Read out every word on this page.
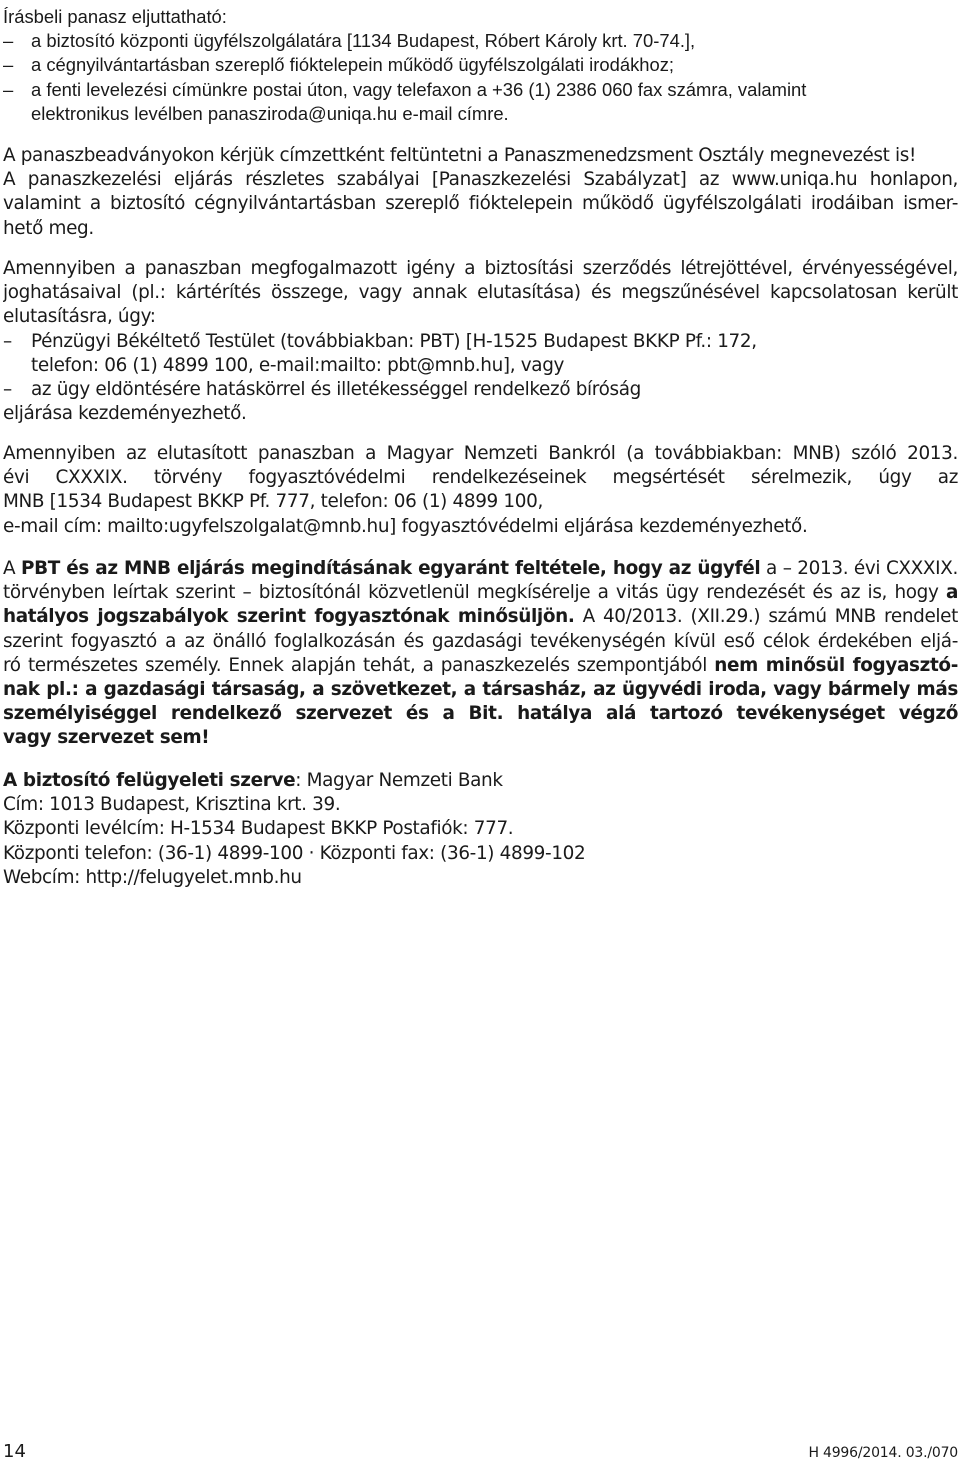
Írásbeli panasz eljuttatható:
– a biztosító központi ügyfélszolgálatára [1134 Budapest, Róbert Károly krt. 70-74.],
– a cégnyilvántartásban szereplő fióktelepein működő ügyfélszolgálati irodákhoz;
– a fenti levelezési címünkre postai úton, vagy telefaxon a +36 (1) 2386 060 fax számra, valamint
elektronikus levélben panasziroda@uniqa.hu e-mail címre.
A panaszbeadványokon kérjük címzettként feltüntetni a Panaszmenedzsment Osztály megnevezést is!
A panaszkezelési eljárás részletes szabályai [Panaszkezelési Szabályzat] az www.uniqa.hu honlapon,
valamint a biztosító cégnyilvántartásban szereplő fióktelepein működő ügyfélszolgálati irodáiban ismer-
hető meg.
Amennyiben a panaszban megfogalmazott igény a biztosítási szerződés létrejöttével, érvényességével,
joghatásaival (pl.: kártérítés összege, vagy annak elutasítása) és megszűnésével kapcsolatosan került
elutasításra, úgy:
– Pénzügyi Békéltető Testület (továbbiakban: PBT) [H-1525 Budapest BKKP Pf.: 172,
telefon: 06 (1) 4899 100, e-mail:mailto: pbt@mnb.hu], vagy
– az ügy eldöntésére hatáskörrel és illetékességgel rendelkező bíróság
eljárása kezdeményezhető.
Amennyiben az elutasított panaszban a Magyar Nemzeti Bankról (a továbbiakban: MNB) szóló 2013.
évi CXXXIX. törvény fogyasztóvédelmi rendelkezéseinek megsértését sérelmezik, úgy az
MNB [1534 Budapest BKKP Pf. 777, telefon: 06 (1) 4899 100,
e-mail cím: mailto:ugyfelszolgalat@mnb.hu] fogyasztóvédelmi eljárása kezdeményezhető.
A PBT és az MNB eljárás megindításának egyaránt feltétele, hogy az ügyfél a – 2013. évi CXXXIX.
törvényben leírtak szerint – biztosítónál közvetlenül megkísérelje a vitás ügy rendezését és az is, hogy a
hatályos jogszabályok szerint fogyasztónak minősüljön. A 40/2013. (XII.29.) számú MNB rendelet
szerint fogyasztó a az önálló foglalkozásán és gazdasági tevékenységén kívül eső célok érdekében eljá-
ró természetes személy. Ennek alapján tehát, a panaszkezelés szempontjából nem minősül fogyasztó-
nak pl.: a gazdasági társaság, a szövetkezet, a társasház, az ügyvédi iroda, vagy bármely más
személyiséggel rendelkező szervezet és a Bit. hatálya alá tartozó tevékenységet végző
vagy szervezet sem!
A biztosító felügyeleti szerve: Magyar Nemzeti Bank
Cím: 1013 Budapest, Krisztina krt. 39.
Központi levélcím: H-1534 Budapest BKKP Postafiók: 777.
Központi telefon: (36-1) 4899-100 · Központi fax: (36-1) 4899-102
Webcím: http://felugyelet.mnb.hu
14	H 4996/2014. 03./070
